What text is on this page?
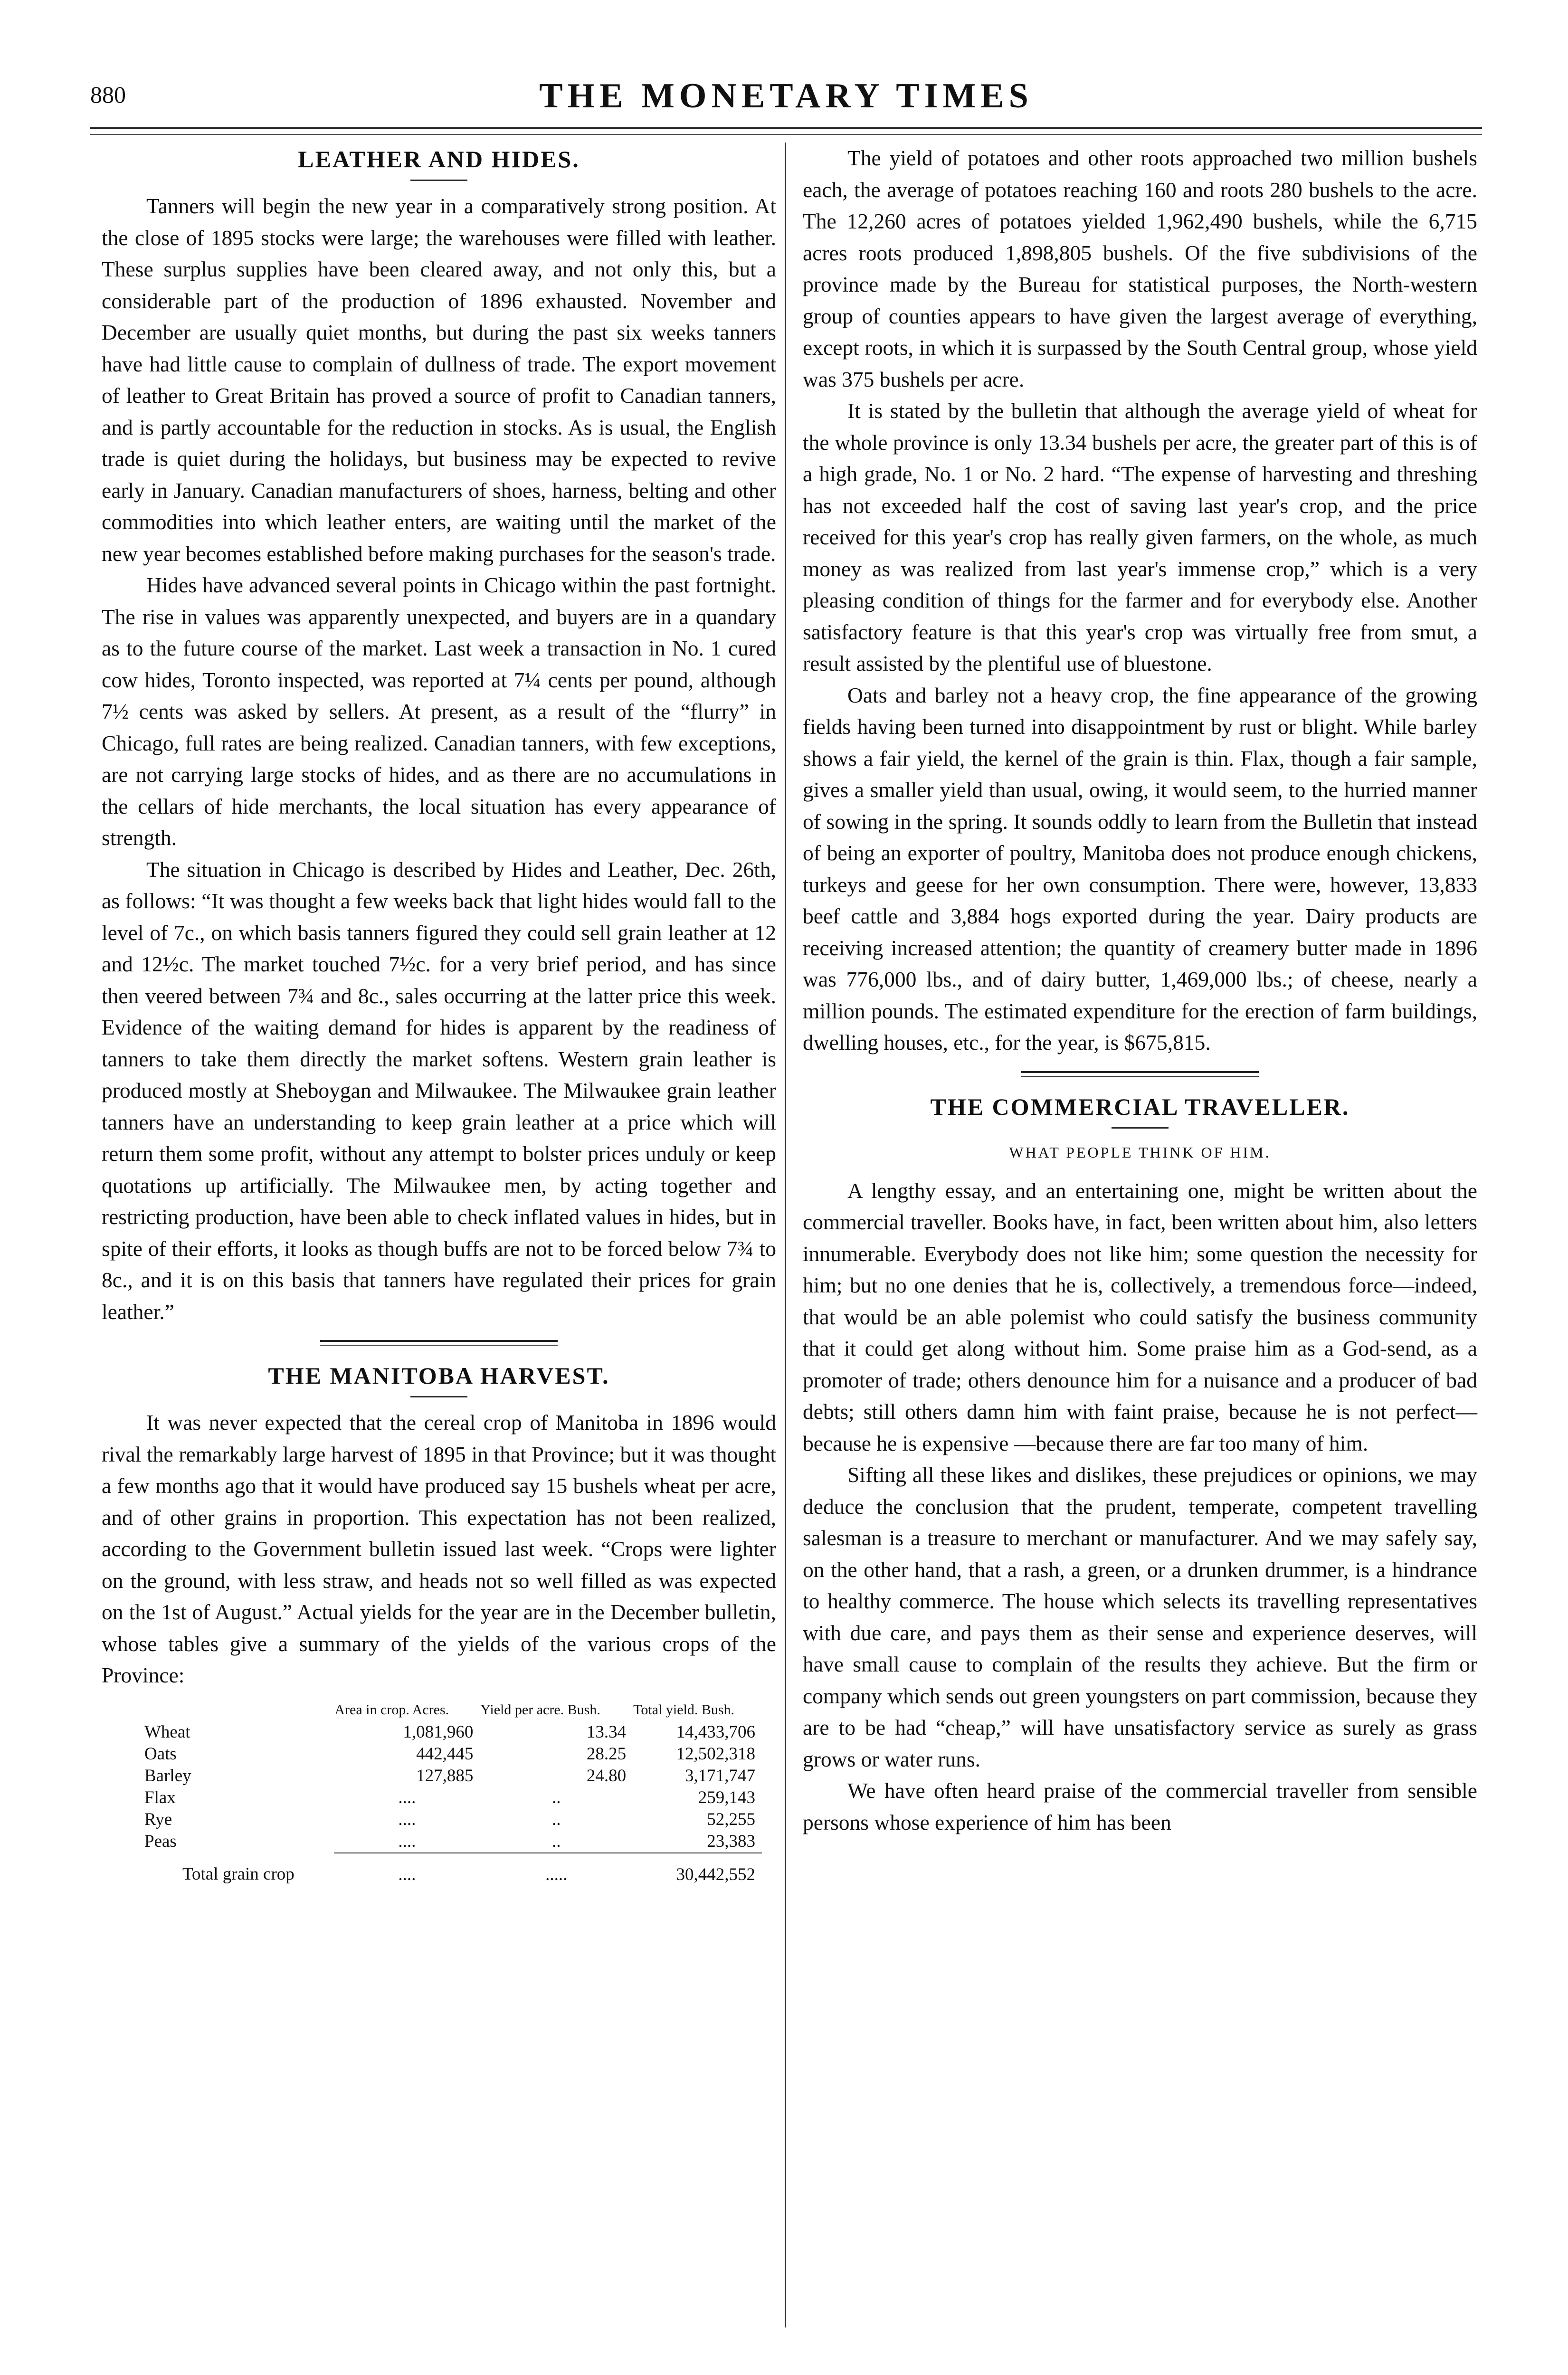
880	THE MONETARY TIMES
LEATHER AND HIDES.

Tanners will begin the new year in a comparatively strong position. At the close of 1895 stocks were large; the warehouses were filled with leather. These surplus supplies have been cleared away, and not only this, but a considerable part of the production of 1896 exhausted. November and December are usually quiet months, but during the past six weeks tanners have had little cause to complain of dullness of trade. The export movement of leather to Great Britain has proved a source of profit to Canadian tanners, and is partly accountable for the reduction in stocks. As is usual, the English trade is quiet during the holidays, but business may be expected to revive early in January. Canadian manufacturers of shoes, harness, belting and other commodities into which leather enters, are waiting until the market of the new year becomes established before making purchases for the season's trade.

Hides have advanced several points in Chicago within the past fortnight. The rise in values was apparently unexpected, and buyers are in a quandary as to the future course of the market. Last week a transaction in No. 1 cured cow hides, Toronto inspected, was reported at 7¼ cents per pound, although 7½ cents was asked by sellers. At present, as a result of the “flurry” in Chicago, full rates are being realized. Canadian tanners, with few exceptions, are not carrying large stocks of hides, and as there are no accumulations in the cellars of hide merchants, the local situation has every appearance of strength.

The situation in Chicago is described by Hides and Leather, Dec. 26th, as follows: “It was thought a few weeks back that light hides would fall to the level of 7c., on which basis tanners figured they could sell grain leather at 12 and 12½c. The market touched 7½c. for a very brief period, and has since then veered between 7¾ and 8c., sales occurring at the latter price this week. Evidence of the waiting demand for hides is apparent by the readiness of tanners to take them directly the market softens. Western grain leather is produced mostly at Sheboygan and Milwaukee. The Milwaukee grain leather tanners have an understanding to keep grain leather at a price which will return them some profit, without any attempt to bolster prices unduly or keep quotations up artificially. The Milwaukee men, by acting together and restricting production, have been able to check inflated values in hides, but in spite of their efforts, it looks as though buffs are not to be forced below 7¾ to 8c., and it is on this basis that tanners have regulated their prices for grain leather.”

THE MANITOBA HARVEST.

It was never expected that the cereal crop of Manitoba in 1896 would rival the remarkably large harvest of 1895 in that Province; but it was thought a few months ago that it would have produced say 15 bushels wheat per acre, and of other grains in proportion. This expectation has not been realized, according to the Government bulletin issued last week. “Crops were lighter on the ground, with less straw, and heads not so well filled as was expected on the 1st of August.” Actual yields for the year are in the December bulletin, whose tables give a summary of the yields of the various crops of the Province:

	Area in crop. Acres.	Yield per acre. Bush.	Total yield. Bush.
Wheat	1,081,960	13.34	14,433,706
Oats	442,445	28.25	12,502,318
Barley	127,885	24.80	3,171,747
Flax	....	..	259,143
Rye	....	..	52,255
Peas	....	..	23,383
Total grain crop	....	.....	30,442,552

The yield of potatoes and other roots approached two million bushels each, the average of potatoes reaching 160 and roots 280 bushels to the acre. The 12,260 acres of potatoes yielded 1,962,490 bushels, while the 6,715 acres roots produced 1,898,805 bushels. Of the five subdivisions of the province made by the Bureau for statistical purposes, the North-western group of counties appears to have given the largest average of everything, except roots, in which it is surpassed by the South Central group, whose yield was 375 bushels per acre.

It is stated by the bulletin that although the average yield of wheat for the whole province is only 13.34 bushels per acre, the greater part of this is of a high grade, No. 1 or No. 2 hard. “The expense of harvesting and threshing has not exceeded half the cost of saving last year's crop, and the price received for this year's crop has really given farmers, on the whole, as much money as was realized from last year's immense crop,” which is a very pleasing condition of things for the farmer and for everybody else. Another satisfactory feature is that this year's crop was virtually free from smut, a result assisted by the plentiful use of bluestone.

Oats and barley not a heavy crop, the fine appearance of the growing fields having been turned into disappointment by rust or blight. While barley shows a fair yield, the kernel of the grain is thin. Flax, though a fair sample, gives a smaller yield than usual, owing, it would seem, to the hurried manner of sowing in the spring. It sounds oddly to learn from the Bulletin that instead of being an exporter of poultry, Manitoba does not produce enough chickens, turkeys and geese for her own consumption. There were, however, 13,833 beef cattle and 3,884 hogs exported during the year. Dairy products are receiving increased attention; the quantity of creamery butter made in 1896 was 776,000 lbs., and of dairy butter, 1,469,000 lbs.; of cheese, nearly a million pounds. The estimated expenditure for the erection of farm buildings, dwelling houses, etc., for the year, is $675,815.

THE COMMERCIAL TRAVELLER.
WHAT PEOPLE THINK OF HIM.

A lengthy essay, and an entertaining one, might be written about the commercial traveller. Books have, in fact, been written about him, also letters innumerable. Everybody does not like him; some question the necessity for him; but no one denies that he is, collectively, a tremendous force—indeed, that would be an able polemist who could satisfy the business community that it could get along without him. Some praise him as a God-send, as a promoter of trade; others denounce him for a nuisance and a producer of bad debts; still others damn him with faint praise, because he is not perfect—because he is expensive —because there are far too many of him.

Sifting all these likes and dislikes, these prejudices or opinions, we may deduce the conclusion that the prudent, temperate, competent travelling salesman is a treasure to merchant or manufacturer. And we may safely say, on the other hand, that a rash, a green, or a drunken drummer, is a hindrance to healthy commerce. The house which selects its travelling representatives with due care, and pays them as their sense and experience deserves, will have small cause to complain of the results they achieve. But the firm or company which sends out green youngsters on part commission, because they are to be had “cheap,” will have unsatisfactory service as surely as grass grows or water runs.

We have often heard praise of the commercial traveller from sensible persons whose experience of him has been
